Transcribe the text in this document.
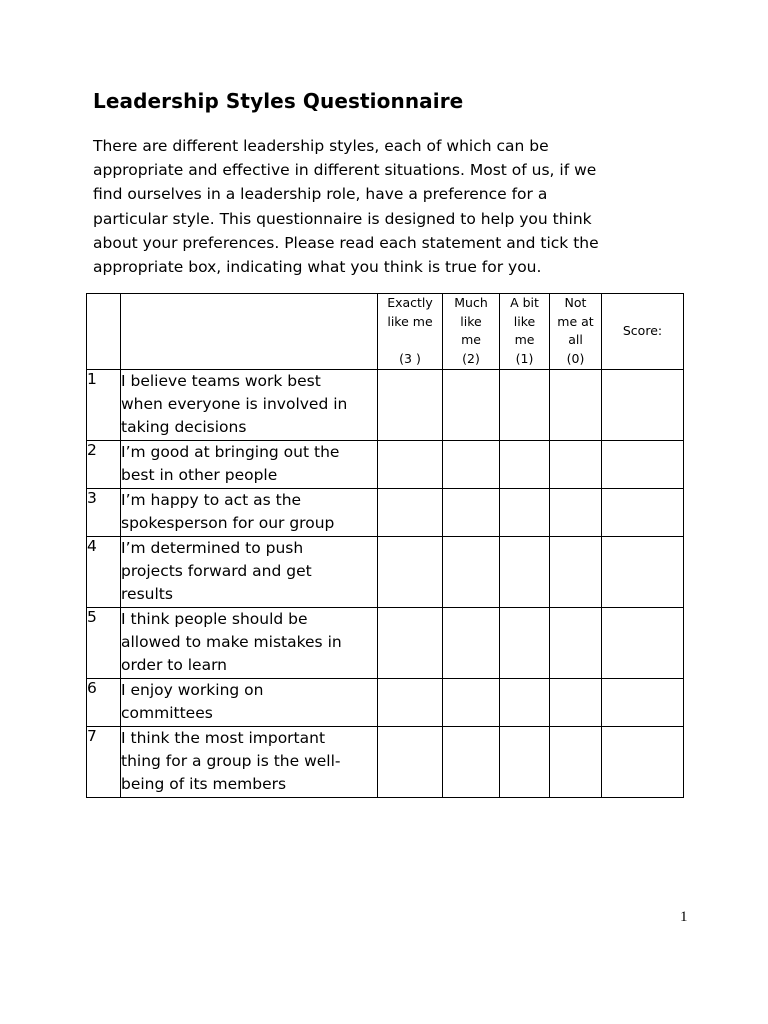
Leadership Styles Questionnaire

There are different leadership styles, each of which can be
appropriate and effective in different situations. Most of us, if we
find ourselves in a leadership role, have a preference for a
particular style. This questionnaire is designed to help you think
about your preferences. Please read each statement and tick the
appropriate box, indicating what you think is true for you.

		Exactly
like me
(3 )	Much
like
me
(2)	A bit
like
me
(1)	Not
me at
all
(0)	Score:
1	I believe teams work best
when everyone is involved in
taking decisions					

2	I’m good at bringing out the
best in other people					

3	I’m happy to act as the
spokesperson for our group					

4	I’m determined to push
projects forward and get
results					

5	I think people should be
allowed to make mistakes in
order to learn					

6	I enjoy working on
committees					

7	I think the most important
thing for a group is the well-
being of its members					

1
